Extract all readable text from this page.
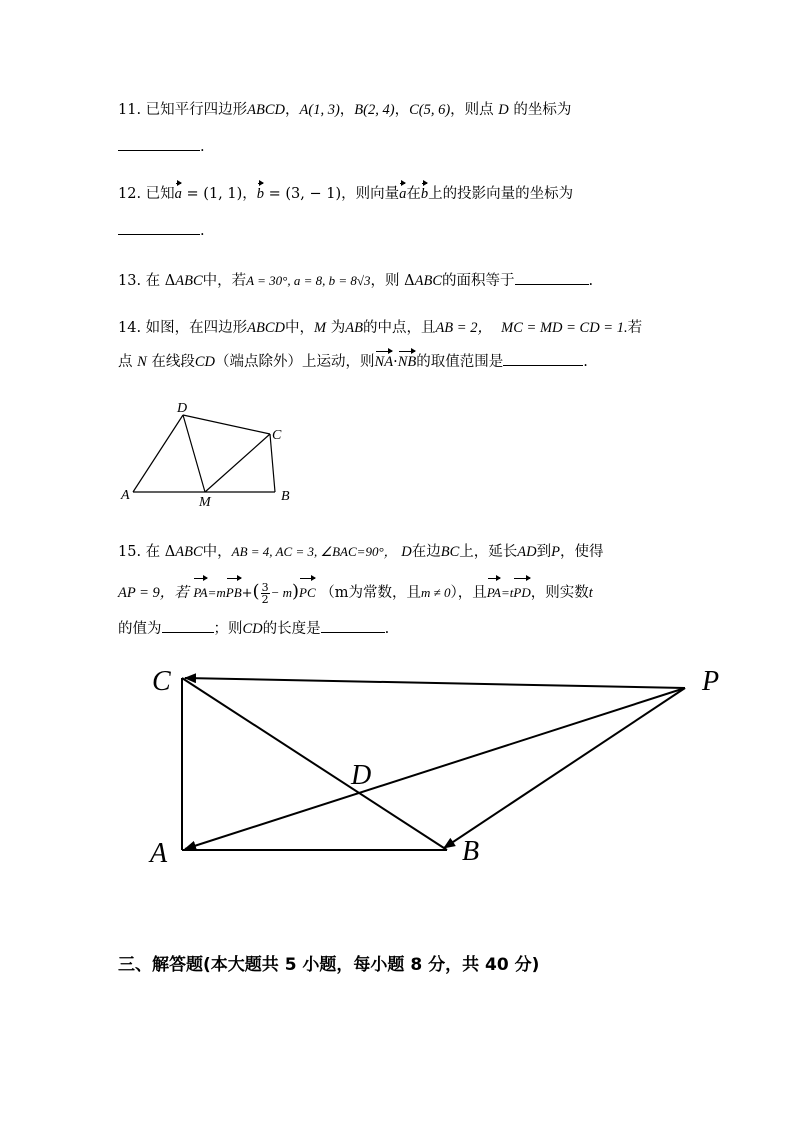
11. 已知平行四边形ABCD，A(1, 3)，B(2, 4)，C(5, 6)，则点 D 的坐标为
.
12. 已知a = (1, 1)，b = (3, − 1)，则向量a在b上的投影向量的坐标为
.
13. 在 ΔABC中，若A = 30°, a = 8, b = 8√3，则 ΔABC的面积等于	.
14. 如图，在四边形ABCD中，M 为AB的中点，且AB = 2， MC = MD = CD = 1.若
点 N 在线段CD（端点除外）上运动，则NA·NB的取值范围是	.
D
C
A	M	B
15. 在 ΔABC中，AB = 4, AC = 3, ∠BAC=90°， D在边BC上，延长AD到P，使得
AP = 9，若 $PA=mPB+( \frac{3}{2} - m)PC$ （m为常数，且m ≠ 0），且PA=tPD，则实数t
的值为	；则CD的长度是	.
C	P
D
A	B
三、解答题(本大题共 5 小题，每小题 8 分，共 40 分)
